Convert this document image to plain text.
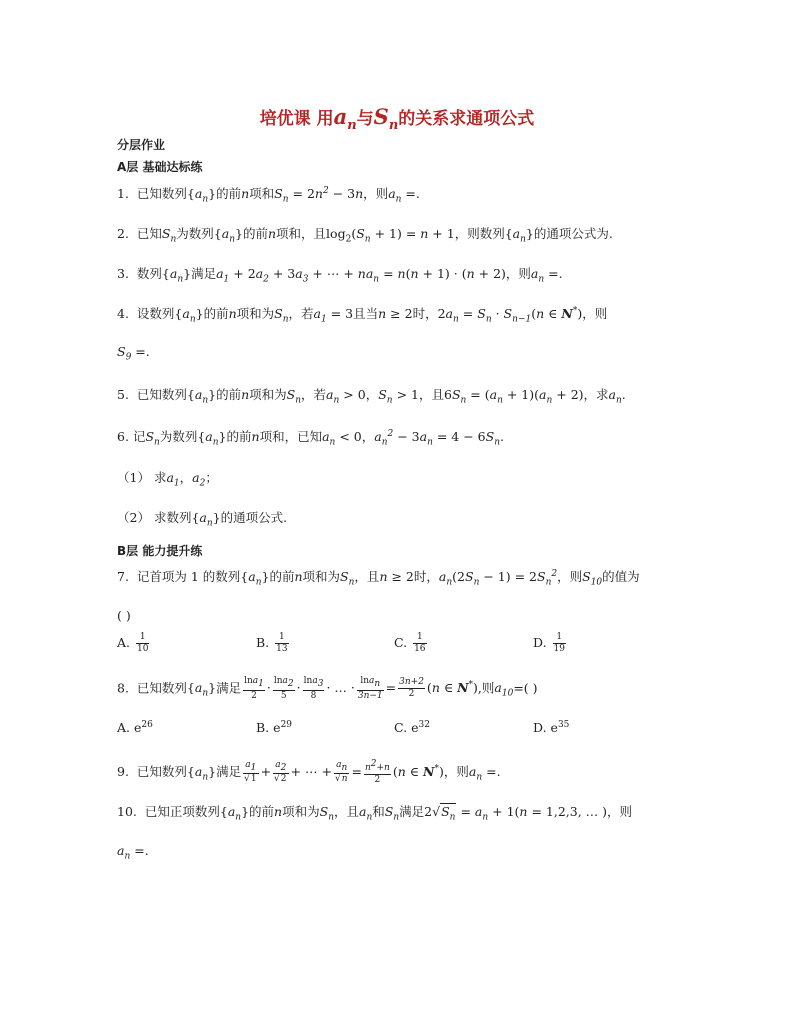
培优课 用$a_n$与$S_n$的关系求通项公式
分层作业
A层 基础达标练
1. 已知数列$\{a_n\}$的前n项和$S_n = 2n^2 - 3n$，则$a_n$ =.
2. 已知$S_n$为数列$\{a_n\}$的前n项和，且$\log_2(S_n + 1) = n + 1$，则数列$\{a_n\}$的通项公式为.
3. 数列$\{a_n\}$满足$a_1 + 2a_2 + 3a_3$ + ⋯ + $na_n = n(n + 1) \cdot (n + 2)$，则$a_n$ =.
4. 设数列$\{a_n\}$的前n项和为$S_n$，若$a_1 = 3$且当n ≥ 2时，$2a_n = S_n \cdot S_{n-1}(n$ ∈ N*)，则
$S_9$ =.
5. 已知数列$\{a_n\}$的前n项和为$S_n$，若$a_n > 0$，$S_n > 1$，且$6S_n = (a_n + 1)(a_n + 2)$，求$a_n$.
6. 记$S_n$为数列$\{a_n\}$的前n项和，已知$a_n < 0$，$a_n^2 - 3a_n = 4 - 6S_n$.
（1） 求$a_1$，$a_2$；
（2） 求数列$\{a_n\}$的通项公式.
B层 能力提升练
7. 记首项为 1 的数列$\{a_n\}$的前n项和为$S_n$，且n ≥ 2时，$a_n(2S_n - 1) = 2S_n^2$，则$S_{10}$的值为
( )
A. $\frac{1}{10}$	B. $\frac{1}{13}$	C. $\frac{1}{16}$	D. $\frac{1}{19}$
8. 已知数列$\{a_n\}$满足 $\frac{\ln a_1}{2} \cdot \frac{\ln a_2}{5} \cdot \frac{\ln a_3}{8}$ · … · $\frac{\ln a_n}{3n-1} = \frac{3n+2}{2} (n$ ∈ N*),则$a_{10}=$( )
A. $e^{26}$	B. $e^{29}$	C. $e^{32}$	D. $e^{35}$
9. 已知数列$\{a_n\}$满足 $\frac{a_1}{√1} + \frac{a_2}{√2}$ + ⋯ + $\frac{a_n}{√n} = \frac{n^2+n}{2} (n$ ∈ N*)，则$a_n$ =.
10. 已知正项数列$\{a_n\}$的前n项和为$S_n$，且$a_n$和$S_n$满足$2√S_n = a_n + 1(n = 1,2,3$, … )，则
$a_n$ =.
